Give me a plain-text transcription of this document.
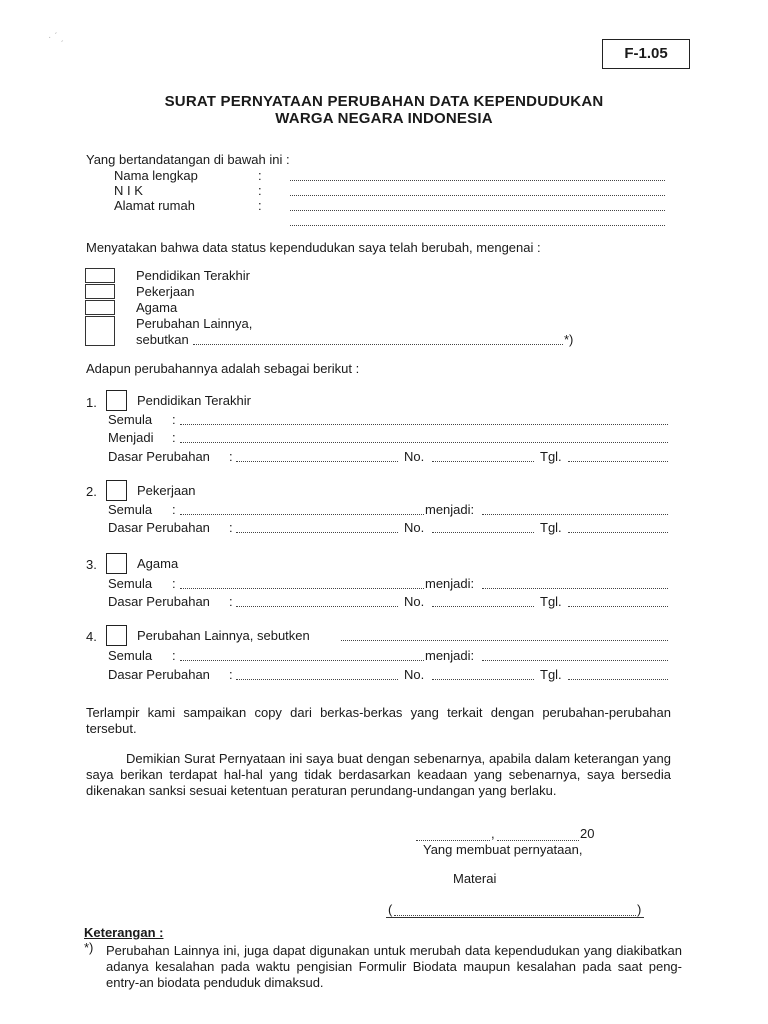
· ˊ ˏ
F-1.05
SURAT PERNYATAAN PERUBAHAN DATA KEPENDUDUKAN
WARGA NEGARA INDONESIA
Yang bertandatangan di bawah ini :
Nama lengkap	:
N I K	:
Alamat rumah	:
Menyatakan bahwa data status kependudukan saya telah berubah, mengenai :
Pendidikan Terakhir
Pekerjaan
Agama
Perubahan Lainnya,
sebutkan	*)
Adapun perubahannya adalah sebagai berikut :
1.	Pendidikan Terakhir
Semula :
Menjadi :
Dasar Perubahan :	No.	Tgl.
2.	Pekerjaan
Semula :	menjadi:
Dasar Perubahan :	No.	Tgl.
3.	Agama
Semula :	menjadi:
Dasar Perubahan :	No.	Tgl.
4.	Perubahan Lainnya, sebutken
Semula :	menjadi:
Dasar Perubahan :	No.	Tgl.
Terlampir kami sampaikan copy dari berkas-berkas yang terkait dengan perubahan-perubahan tersebut.
Demikian Surat Pernyataan ini saya buat dengan sebenarnya, apabila dalam keterangan yang saya berikan terdapat hal-hal yang tidak berdasarkan keadaan yang sebenarnya, saya bersedia dikenakan sanksi sesuai ketentuan peraturan perundang-undangan yang berlaku.
,	20
Yang membuat pernyataan,
Materai
(	)
Keterangan :
*) Perubahan Lainnya ini, juga dapat digunakan untuk merubah data kependudukan yang diakibatkan adanya kesalahan pada waktu pengisian Formulir Biodata maupun kesalahan pada saat peng-entry-an biodata penduduk dimaksud.
